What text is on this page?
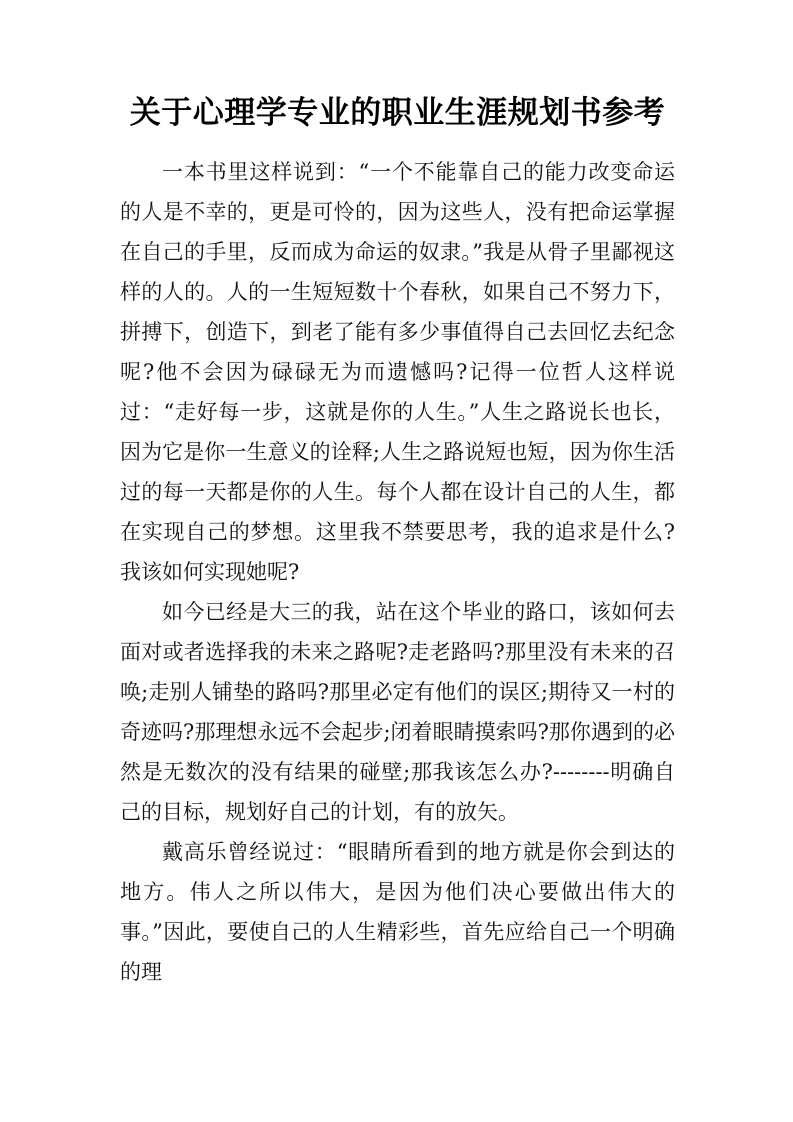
关于心理学专业的职业生涯规划书参考

一本书里这样说到：“一个不能靠自己的能力改变命运的人是不幸的，更是可怜的，因为这些人，没有把命运掌握在自己的手里，反而成为命运的奴隶。”我是从骨子里鄙视这样的人的。人的一生短短数十个春秋，如果自己不努力下，拼搏下，创造下，到老了能有多少事值得自己去回忆去纪念呢?他不会因为碌碌无为而遗憾吗?记得一位哲人这样说过：“走好每一步，这就是你的人生。”人生之路说长也长，因为它是你一生意义的诠释;人生之路说短也短，因为你生活过的每一天都是你的人生。每个人都在设计自己的人生，都在实现自己的梦想。这里我不禁要思考，我的追求是什么?我该如何实现她呢?

如今已经是大三的我，站在这个毕业的路口，该如何去面对或者选择我的未来之路呢?走老路吗?那里没有未来的召唤;走别人铺垫的路吗?那里必定有他们的误区;期待又一村的奇迹吗?那理想永远不会起步;闭着眼睛摸索吗?那你遇到的必然是无数次的没有结果的碰壁;那我该怎么办?--------明确自己的目标，规划好自己的计划，有的放矢。

戴高乐曾经说过：“眼睛所看到的地方就是你会到达的地方。伟人之所以伟大，是因为他们决心要做出伟大的事。”因此，要使自己的人生精彩些，首先应给自己一个明确的理
